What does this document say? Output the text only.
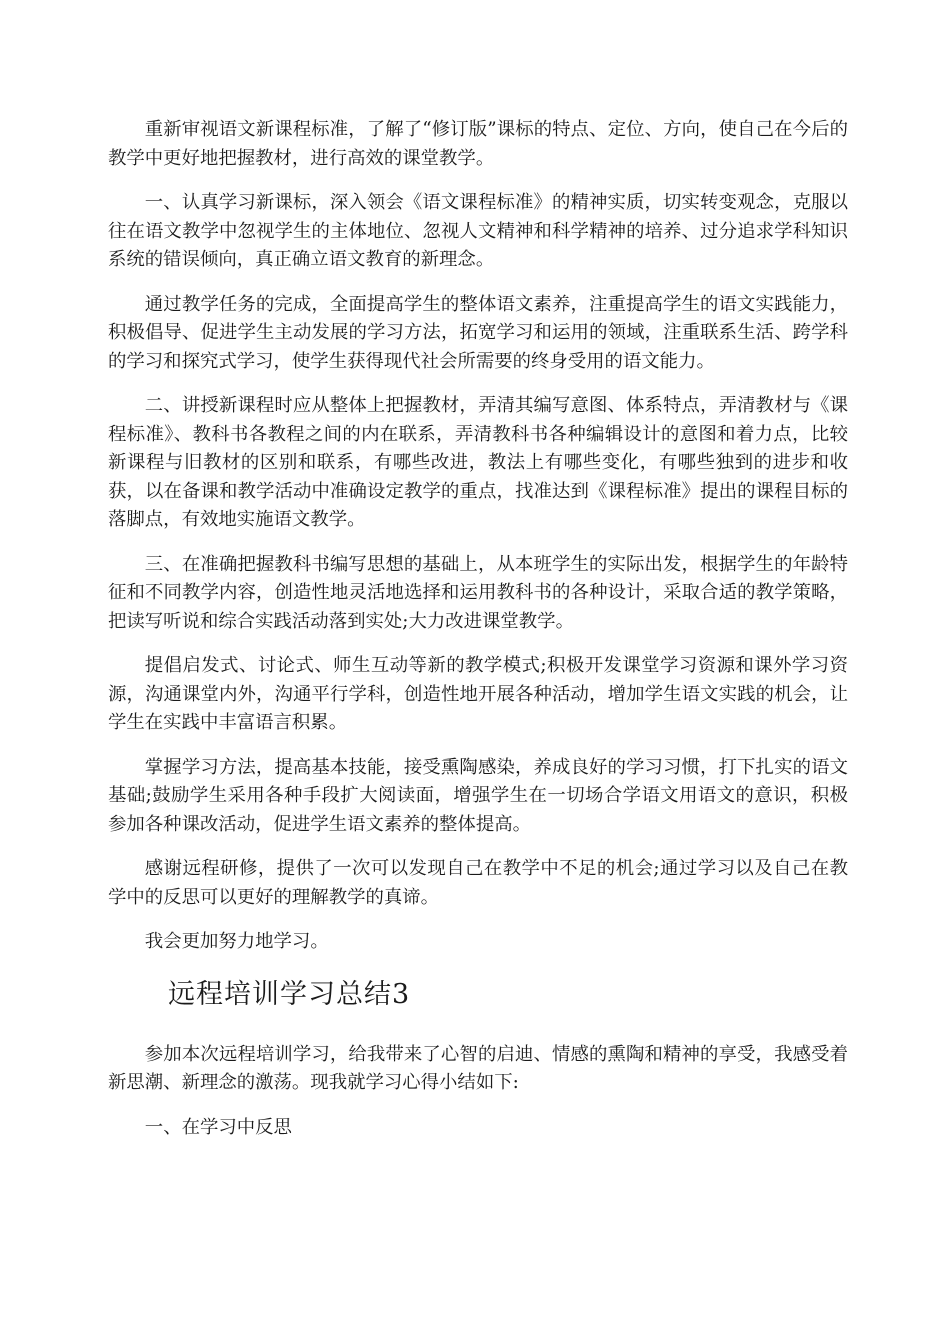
重新审视语文新课程标准，了解了“修订版”课标的特点、定位、方向，使自己在今后的教学中更好地把握教材，进行高效的课堂教学。

一、认真学习新课标，深入领会《语文课程标准》的精神实质，切实转变观念，克服以往在语文教学中忽视学生的主体地位、忽视人文精神和科学精神的培养、过分追求学科知识系统的错误倾向，真正确立语文教育的新理念。

通过教学任务的完成，全面提高学生的整体语文素养，注重提高学生的语文实践能力，积极倡导、促进学生主动发展的学习方法，拓宽学习和运用的领域，注重联系生活、跨学科的学习和探究式学习，使学生获得现代社会所需要的终身受用的语文能力。

二、讲授新课程时应从整体上把握教材，弄清其编写意图、体系特点，弄清教材与《课程标准》、教科书各教程之间的内在联系，弄清教科书各种编辑设计的意图和着力点，比较新课程与旧教材的区别和联系，有哪些改进，教法上有哪些变化，有哪些独到的进步和收获，以在备课和教学活动中准确设定教学的重点，找准达到《课程标准》提出的课程目标的落脚点，有效地实施语文教学。

三、在准确把握教科书编写思想的基础上，从本班学生的实际出发，根据学生的年龄特征和不同教学内容，创造性地灵活地选择和运用教科书的各种设计，采取合适的教学策略，把读写听说和综合实践活动落到实处;大力改进课堂教学。

提倡启发式、讨论式、师生互动等新的教学模式;积极开发课堂学习资源和课外学习资源，沟通课堂内外，沟通平行学科，创造性地开展各种活动，增加学生语文实践的机会，让学生在实践中丰富语言积累。

掌握学习方法，提高基本技能，接受熏陶感染，养成良好的学习习惯，打下扎实的语文基础;鼓励学生采用各种手段扩大阅读面，增强学生在一切场合学语文用语文的意识，积极参加各种课改活动，促进学生语文素养的整体提高。

感谢远程研修，提供了一次可以发现自己在教学中不足的机会;通过学习以及自己在教学中的反思可以更好的理解教学的真谛。

我会更加努力地学习。

远程培训学习总结3

参加本次远程培训学习，给我带来了心智的启迪、情感的熏陶和精神的享受，我感受着新思潮、新理念的激荡。现我就学习心得小结如下:

一、在学习中反思
